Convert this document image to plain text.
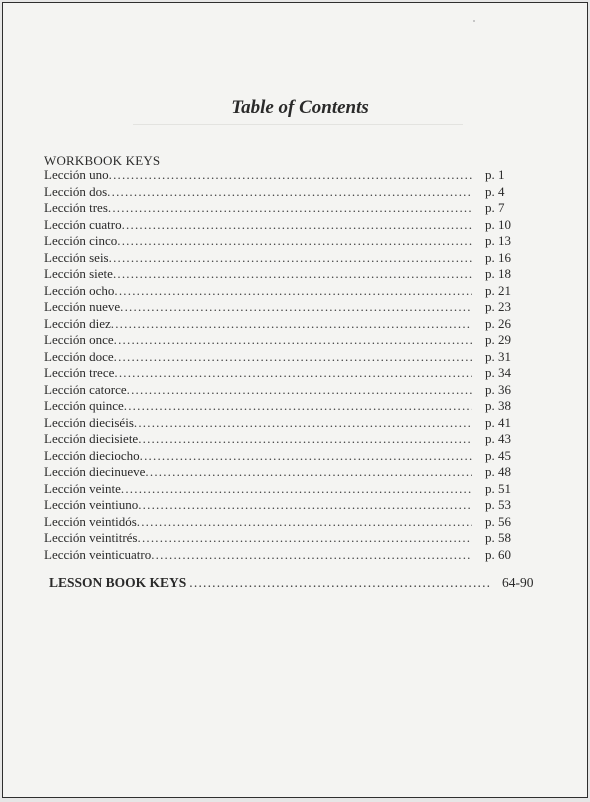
Table of Contents
WORKBOOK KEYS
Lección uno .....	p. 1
Lección dos .....	p. 4
Lección tres .....	p. 7
Lección cuatro .....	p. 10
Lección cinco .....	p. 13
Lección seis .....	p. 16
Lección siete .....	p. 18
Lección ocho .....	p. 21
Lección nueve .....	p. 23
Lección diez .....	p. 26
Lección once .....	p. 29
Lección doce .....	p. 31
Lección trece .....	p. 34
Lección catorce .....	p. 36
Lección quince .....	p. 38
Lección dieciséis .....	p. 41
Lección diecisiete .....	p. 43
Lección dieciocho .....	p. 45
Lección diecinueve .....	p. 48
Lección veinte .....	p. 51
Lección veintiuno .....	p. 53
Lección veintidós .....	p. 56
Lección veintitrés .....	p. 58
Lección veinticuatro .....	p. 60
LESSON BOOK KEYS .....	64-90
